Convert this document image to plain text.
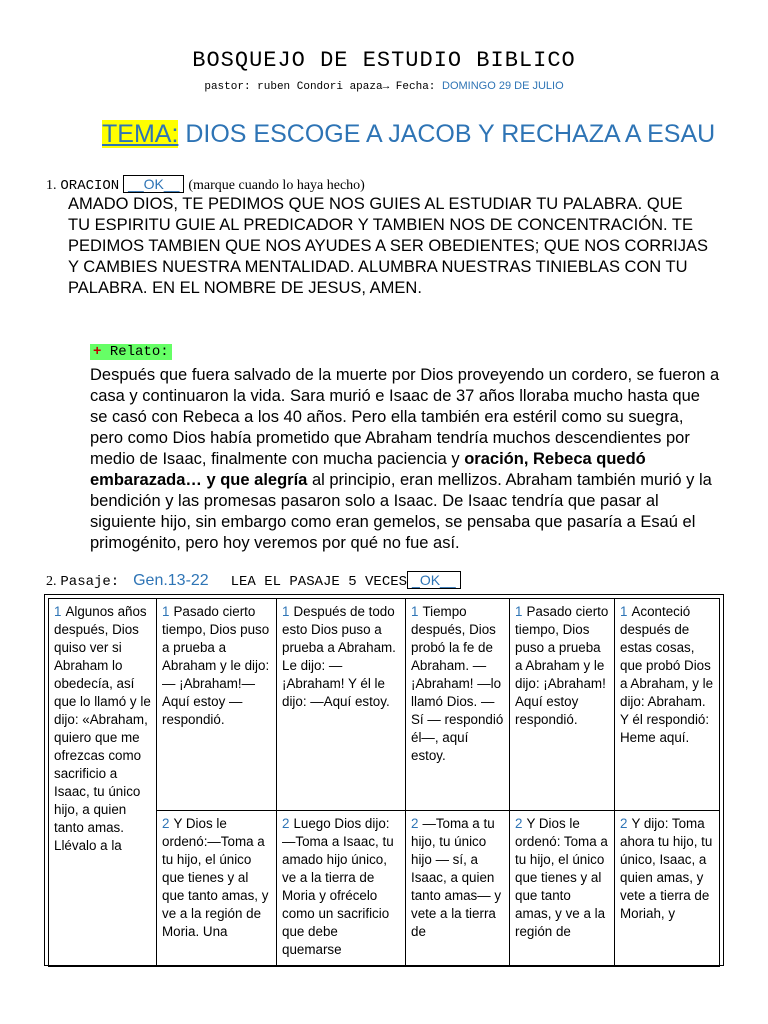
BOSQUEJO DE ESTUDIO BIBLICO
pastor: ruben Condori apaza→ Fecha: DOMINGO 29 DE JULIO
TEMA: DIOS ESCOGE A JACOB Y RECHAZA A ESAU
1. ORACION __OK__ (marque cuando lo haya hecho)
AMADO DIOS, TE PEDIMOS QUE NOS GUIES AL ESTUDIAR TU PALABRA. QUE TU ESPIRITU GUIE AL PREDICADOR Y TAMBIEN NOS DE CONCENTRACIÓN. TE PEDIMOS TAMBIEN QUE NOS AYUDES A SER OBEDIENTES; QUE NOS CORRIJAS Y CAMBIES NUESTRA MENTALIDAD. ALUMBRA NUESTRAS TINIEBLAS CON TU PALABRA. EN EL NOMBRE DE JESUS, AMEN.
+ Relato:
Después que fuera salvado de la muerte por Dios proveyendo un cordero, se fueron a casa y continuaron la vida. Sara murió e Isaac de 37 años lloraba mucho hasta que se casó con Rebeca a los 40 años. Pero ella también era estéril como su suegra, pero como Dios había prometido que Abraham tendría muchos descendientes por medio de Isaac, finalmente con mucha paciencia y oración, Rebeca quedó embarazada… y que alegría al principio, eran mellizos. Abraham también murió y la bendición y las promesas pasaron solo a Isaac. De Isaac tendría que pasar al siguiente hijo, sin embargo como eran gemelos, se pensaba que pasaría a Esaú el primogénito, pero hoy veremos por qué no fue así.
2. Pasaje: Gen.13-22 LEA EL PASAJE 5 VECES _OK__
1 Algunos años después, Dios quiso ver si Abraham lo obedecía, así que lo llamó y le dijo: «Abraham, quiero que me ofrezcas como sacrificio a Isaac, tu único hijo, a quien tanto amas. Llévalo a la	1 Pasado cierto tiempo, Dios puso a prueba a Abraham y le dijo:— ¡Abraham!— Aquí estoy — respondió.	1 Después de todo esto Dios puso a prueba a Abraham. Le dijo: —¡Abraham! Y él le dijo: —Aquí estoy.	1 Tiempo después, Dios probó la fe de Abraham. —¡Abraham! —lo llamó Dios. —Sí — respondió él—, aquí estoy.	1 Pasado cierto tiempo, Dios puso a prueba a Abraham y le dijo: ¡Abraham! Aquí estoy respondió.	1 Aconteció después de estas cosas, que probó Dios a Abraham, y le dijo: Abraham. Y él respondió: Heme aquí.
	2 Y Dios le ordenó:—Toma a tu hijo, el único que tienes y al que tanto amas, y ve a la región de Moria. Una	2 Luego Dios dijo: —Toma a Isaac, tu amado hijo único, ve a la tierra de Moria y ofrécelo como un sacrificio que debe quemarse	2 —Toma a tu hijo, tu único hijo — sí, a Isaac, a quien tanto amas— y vete a la tierra de	2 Y Dios le ordenó: Toma a tu hijo, el único que tienes y al que tanto amas, y ve a la región de	2 Y dijo: Toma ahora tu hijo, tu único, Isaac, a quien amas, y vete a tierra de Moriah, y
